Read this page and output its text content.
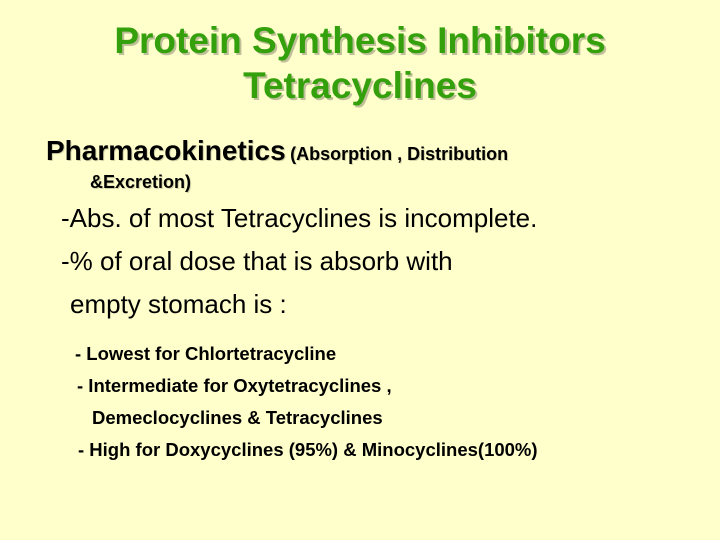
Protein Synthesis Inhibitors
Tetracyclines
Pharmacokinetics (Absorption , Distribution
&Excretion)
-Abs. of most Tetracyclines is incomplete.
-% of oral dose that is absorb with
empty stomach is :
- Lowest for Chlortetracycline
- Intermediate for Oxytetracyclines ,
Demeclocyclines & Tetracyclines
- High for Doxycyclines (95%) & Minocyclines(100%)
